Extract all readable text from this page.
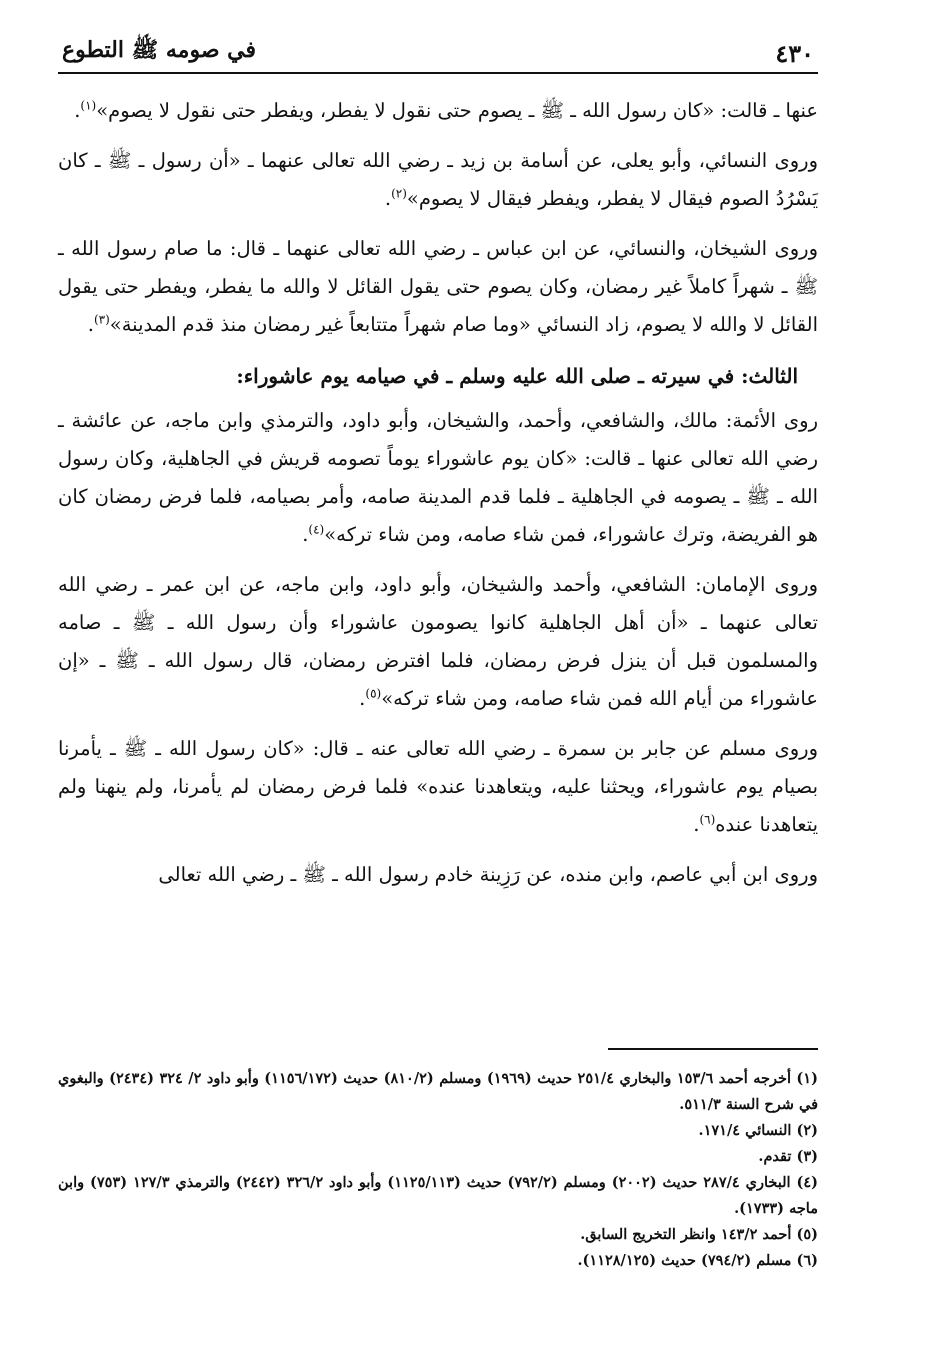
٤٣٠
في صومه ﷺ التطوع

عنها ـ قالت: «كان رسول الله ـ ﷺ ـ يصوم حتى نقول لا يفطر، ويفطر حتى نقول لا يصوم»$^{(١)}$.

وروى النسائي، وأبو يعلى، عن أسامة بن زيد ـ رضي الله تعالى عنهما ـ «أن رسول ـ ﷺ ـ كان يَسْرُدُ الصوم فيقال لا يفطر، ويفطر فيقال لا يصوم»$^{(٢)}$.

وروى الشيخان، والنسائي، عن ابن عباس ـ رضي الله تعالى عنهما ـ قال: ما صام رسول الله ـ ﷺ ـ شهراً كاملاً غير رمضان، وكان يصوم حتى يقول القائل لا والله ما يفطر، ويفطر حتى يقول القائل لا والله لا يصوم، زاد النسائي «وما صام شهراً متتابعاً غير رمضان منذ قدم المدينة»$^{(٣)}$.

الثالث: في سيرته ـ صلى الله عليه وسلم ـ في صيامه يوم عاشوراء:

روى الأئمة: مالك، والشافعي، وأحمد، والشيخان، وأبو داود، والترمذي وابن ماجه، عن عائشة ـ رضي الله تعالى عنها ـ قالت: «كان يوم عاشوراء يوماً تصومه قريش في الجاهلية، وكان رسول الله ـ ﷺ ـ يصومه في الجاهلية ـ فلما قدم المدينة صامه، وأمر بصيامه، فلما فرض رمضان كان هو الفريضة، وترك عاشوراء، فمن شاء صامه، ومن شاء تركه»$^{(٤)}$.

وروى الإمامان: الشافعي، وأحمد والشيخان، وأبو داود، وابن ماجه، عن ابن عمر ـ رضي الله تعالى عنهما ـ «أن أهل الجاهلية كانوا يصومون عاشوراء وأن رسول الله ـ ﷺ ـ صامه والمسلمون قبل أن ينزل فرض رمضان، فلما افترض رمضان، قال رسول الله ـ ﷺ ـ «إن عاشوراء من أيام الله فمن شاء صامه، ومن شاء تركه»$^{(٥)}$.

وروى مسلم عن جابر بن سمرة ـ رضي الله تعالى عنه ـ قال: «كان رسول الله ـ ﷺ ـ يأمرنا بصيام يوم عاشوراء، ويحثنا عليه، ويتعاهدنا عنده» فلما فرض رمضان لم يأمرنا، ولم ينهنا ولم يتعاهدنا عنده$^{(٦)}$.

وروى ابن أبي عاصم، وابن منده، عن رَزِينة خادم رسول الله ـ ﷺ ـ رضي الله تعالى

(١) أخرجه أحمد ١٥٣/٦ والبخاري ٢٥١/٤ حديث (١٩٦٩) ومسلم (٨١٠/٢) حديث (١١٥٦/١٧٢) وأبو داود ٢/ ٣٢٤ (٢٤٣٤) والبغوي في شرح السنة ٥١١/٣.

(٢) النسائي ١٧١/٤.

(٣) تقدم.

(٤) البخاري ٢٨٧/٤ حديث (٢٠٠٢) ومسلم (٧٩٢/٢) حديث (١١٢٥/١١٣) وأبو داود ٣٢٦/٢ (٢٤٤٢) والترمذي ١٢٧/٣ (٧٥٣) وابن ماجه (١٧٣٣).

(٥) أحمد ١٤٣/٢ وانظر التخريج السابق.

(٦) مسلم (٧٩٤/٢) حديث (١١٢٨/١٢٥).
